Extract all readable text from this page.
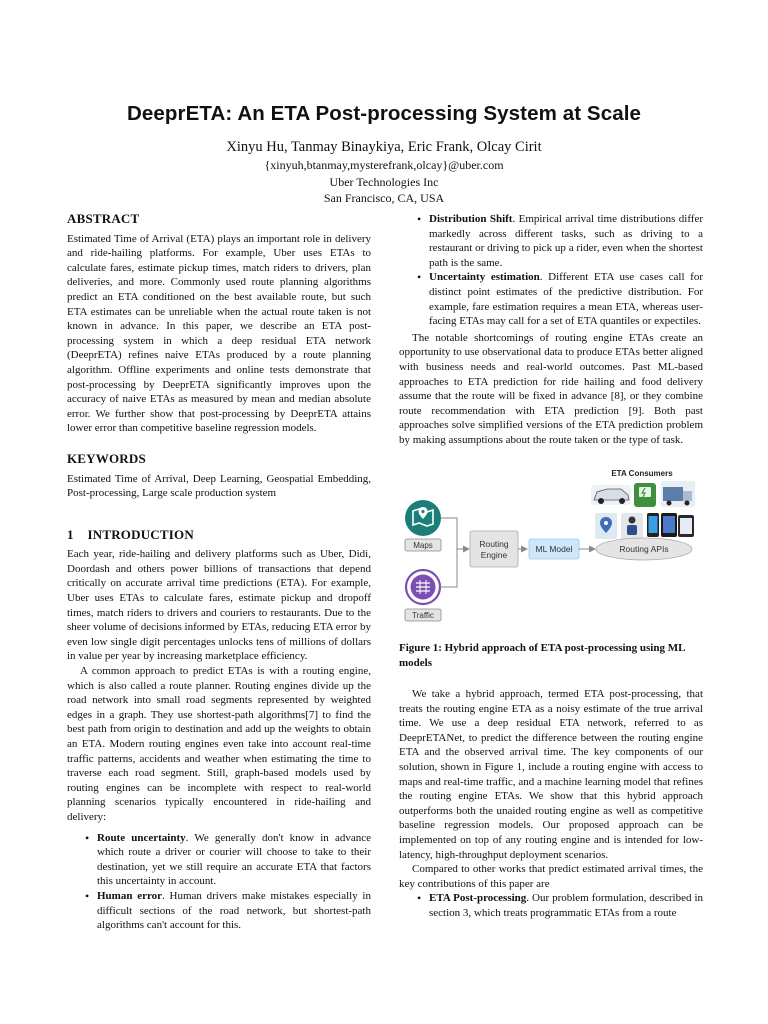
DeeprETA: An ETA Post-processing System at Scale
Xinyu Hu, Tanmay Binaykiya, Eric Frank, Olcay Cirit
{xinyuh,btanmay,mysterefrank,olcay}@uber.com
Uber Technologies Inc
San Francisco, CA, USA
ABSTRACT

Estimated Time of Arrival (ETA) plays an important role in delivery and ride-hailing platforms. For example, Uber uses ETAs to calculate fares, estimate pickup times, match riders to drivers, plan deliveries, and more. Commonly used route planning algorithms predict an ETA conditioned on the best available route, but such ETA estimates can be unreliable when the actual route taken is not known in advance. In this paper, we describe an ETA post-processing system in which a deep residual ETA network (DeeprETA) refines naive ETAs produced by a route planning algorithm. Offline experiments and online tests demonstrate that post-processing by DeeprETA significantly improves upon the accuracy of naive ETAs as measured by mean and median absolute error. We further show that post-processing by DeeprETA attains lower error than competitive baseline regression models.

KEYWORDS

Estimated Time of Arrival, Deep Learning, Geospatial Embedding, Post-processing, Large scale production system

1    INTRODUCTION

Each year, ride-hailing and delivery platforms such as Uber, Didi, Doordash and others power billions of transactions that depend critically on accurate arrival time predictions (ETA). For example, Uber uses ETAs to calculate fares, estimate pickup and dropoff times, match riders to drivers and couriers to restaurants. Due to the sheer volume of decisions informed by ETAs, reducing ETA error by even low single digit percentages unlocks tens of millions of dollars in value per year by increasing marketplace efficiency.

A common approach to predict ETAs is with a routing engine, which is also called a route planner. Routing engines divide up the road network into small road segments represented by weighted edges in a graph. They use shortest-path algorithms[7] to find the best path from origin to destination and add up the weights to obtain an ETA. Modern routing engines even take into account real-time traffic patterns, accidents and weather when estimating the time to traverse each road segment. Still, graph-based models used by routing engines can be incomplete with respect to real-world planning scenarios typically encountered in ride-hailing and delivery:

• Route uncertainty. We generally don't know in advance which route a driver or courier will choose to take to their destination, yet we still require an accurate ETA that factors this uncertainty in account.
• Human error. Human drivers make mistakes especially in difficult sections of the road network, but shortest-path algorithms can't account for this.
• Distribution Shift. Empirical arrival time distributions differ markedly across different tasks, such as driving to a restaurant or driving to pick up a rider, even when the shortest path is the same.
• Uncertainty estimation. Different ETA use cases call for distinct point estimates of the predictive distribution. For example, fare estimation requires a mean ETA, whereas user-facing ETAs may call for a set of ETA quantiles or expectiles.

The notable shortcomings of routing engine ETAs create an opportunity to use observational data to produce ETAs better aligned with business needs and real-world outcomes. Past ML-based approaches to ETA prediction for ride hailing and food delivery assume that the route will be fixed in advance [8], or they combine route recommendation with ETA prediction [9]. Both past approaches solve simplified versions of the ETA prediction problem by making assumptions about the route taken or the type of task.

ETA Consumers
Maps
Traffic
Routing
Engine
ML Model	Routing APIs
Figure 1: Hybrid approach of ETA post-processing using ML models

We take a hybrid approach, termed ETA post-processing, that treats the routing engine ETA as a noisy estimate of the true arrival time. We use a deep residual ETA network, referred to as DeeprETANet, to predict the difference between the routing engine ETA and the observed arrival time. The key components of our solution, shown in Figure 1, include a routing engine with access to maps and real-time traffic, and a machine learning model that refines the routing engine ETAs. We show that this hybrid approach outperforms both the unaided routing engine as well as competitive baseline regression models. Our proposed approach can be implemented on top of any routing engine and is intended for low-latency, high-throughput deployment scenarios.

Compared to other works that predict estimated arrival times, the key contributions of this paper are

• ETA Post-processing. Our problem formulation, described in section 3, which treats programmatic ETAs from a route
